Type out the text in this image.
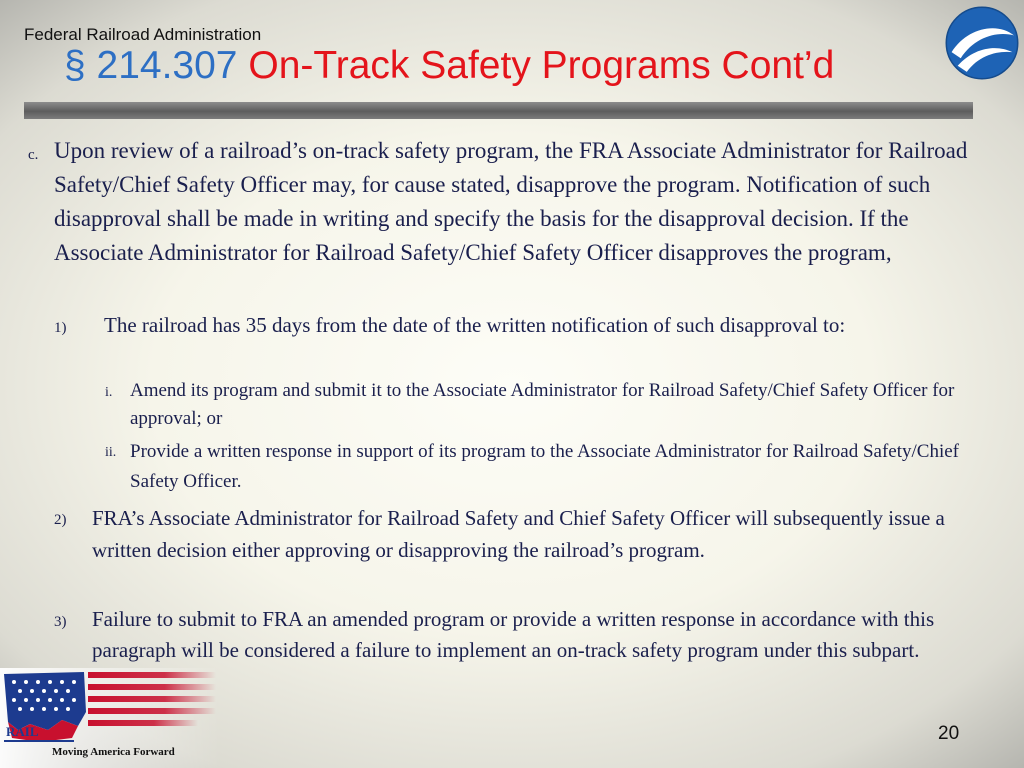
Federal Railroad Administration
§ 214.307 On-Track Safety Programs Cont’d
c. Upon review of a railroad’s on-track safety program, the FRA Associate Administrator for Railroad Safety/Chief Safety Officer may, for cause stated, disapprove the program. Notification of such disapproval shall be made in writing and specify the basis for the disapproval decision. If the Associate Administrator for Railroad Safety/Chief Safety Officer disapproves the program,

1) The railroad has 35 days from the date of the written notification of such disapproval to:

i. Amend its program and submit it to the Associate Administrator for Railroad Safety/Chief Safety Officer for approval; or

ii. Provide a written response in support of its program to the Associate Administrator for Railroad Safety/Chief Safety Officer.

2) FRA’s Associate Administrator for Railroad Safety and Chief Safety Officer will subsequently issue a written decision either approving or disapproving the railroad’s program.

3) Failure to submit to FRA an amended program or provide a written response in accordance with this paragraph will be considered a failure to implement an on-track safety program under this subpart.

RAIL
Moving America Forward
20
